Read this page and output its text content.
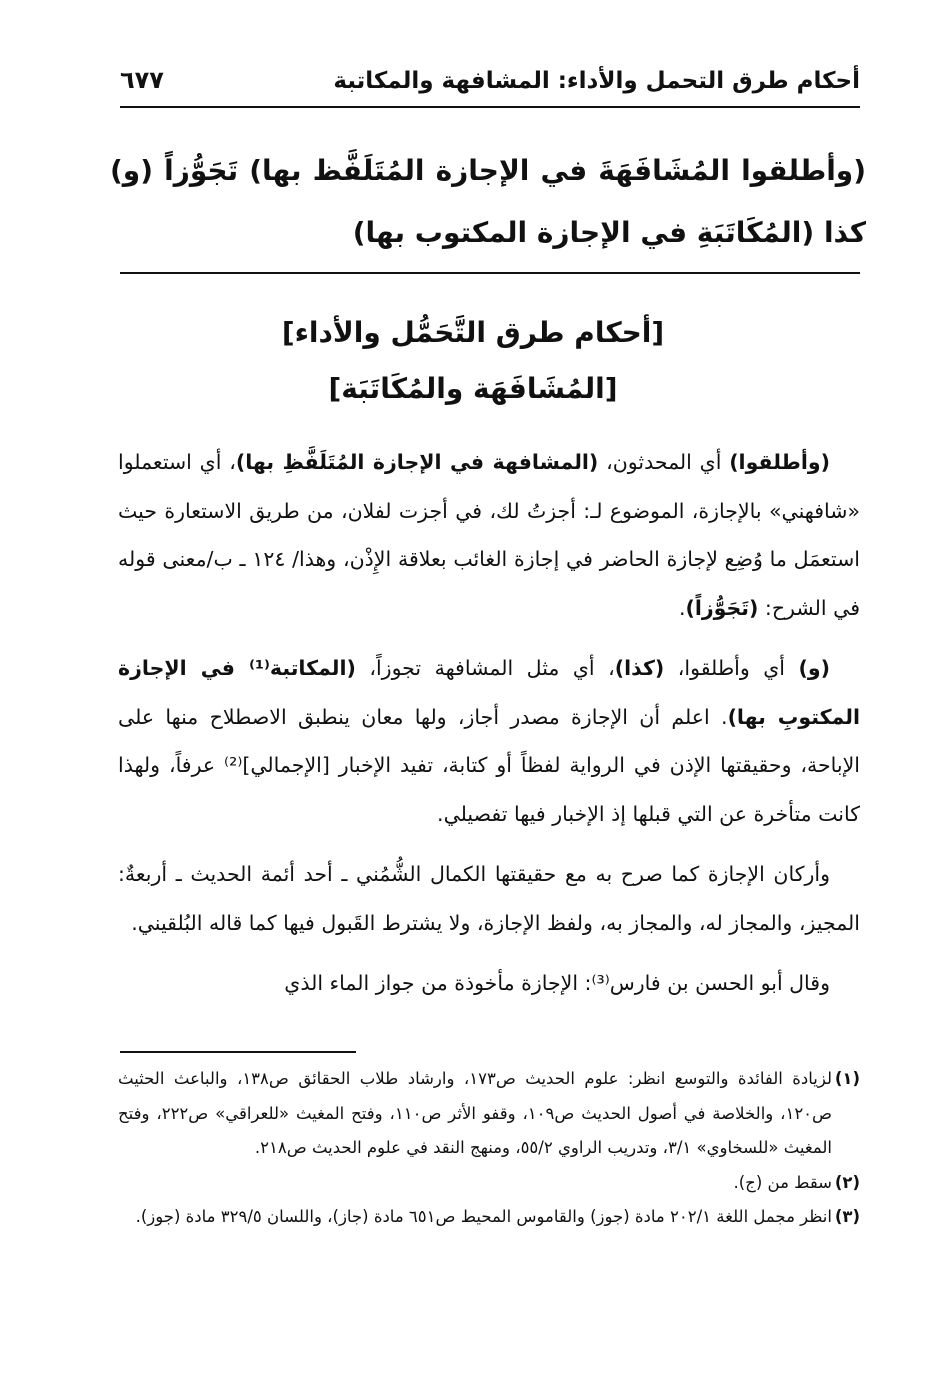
أحكام طرق التحمل والأداء: المشافهة والمكاتبة
٦٧٧
(وأطلقوا المُشَافَهَةَ في الإجازة المُتَلَفَّظ بها) تَجَوُّزاً (و) كذا (المُكَاتَبَةِ في الإجازة المكتوب بها)
[أحكام طرق التَّحَمُّل والأداء]
[المُشَافَهَة والمُكَاتَبَة]

(وأطلقوا) أي المحدثون، (المشافهة في الإجازة المُتَلَفَّظِ بها)، أي استعملوا «شافهني» بالإجازة، الموضوع لـ: أجزتُ لك، في أجزت لفلان، من طريق الاستعارة حيث استعمَل ما وُضِع لإجازة الحاضر في إجازة الغائب بعلاقة الإِذْن، وهذا/ ١٢٤ ـ ب/معنى قوله في الشرح: (تَجَوُّزاً).

(و) أي وأطلقوا، (كذا)، أي مثل المشافهة تجوزاً، (المكاتبة⁽¹⁾ في الإجازة المكتوبِ بها). اعلم أن الإجازة مصدر أجاز، ولها معان ينطبق الاصطلاح منها على الإباحة، وحقيقتها الإذن في الرواية لفظاً أو كتابة، تفيد الإخبار [الإجمالي]⁽²⁾ عرفاً، ولهذا كانت متأخرة عن التي قبلها إذ الإخبار فيها تفصيلي.

وأركان الإجازة كما صرح به مع حقيقتها الكمال الشُّمُني ـ أحد أئمة الحديث ـ أربعةٌ: المجيز، والمجاز له، والمجاز به، ولفظ الإجازة، ولا يشترط القَبول فيها كما قاله البُلقيني.

وقال أبو الحسن بن فارس⁽³⁾: الإجازة مأخوذة من جواز الماء الذي

(١)
لزيادة الفائدة والتوسع انظر: علوم الحديث ص١٧٣، وارشاد طلاب الحقائق ص١٣٨، والباعث الحثيث ص١٢٠، والخلاصة في أصول الحديث ص١٠٩، وقفو الأثر ص١١٠، وفتح المغيث «للعراقي» ص٢٢٢، وفتح المغيث «للسخاوي» ٣/١، وتدريب الراوي ٥٥/٢، ومنهج النقد في علوم الحديث ص٢١٨.

(٢)
سقط من (ج).

(٣)
انظر مجمل اللغة ٢٠٢/١ مادة (جوز) والقاموس المحيط ص٦٥١ مادة (جاز)، واللسان ٣٢٩/٥ مادة (جوز).
